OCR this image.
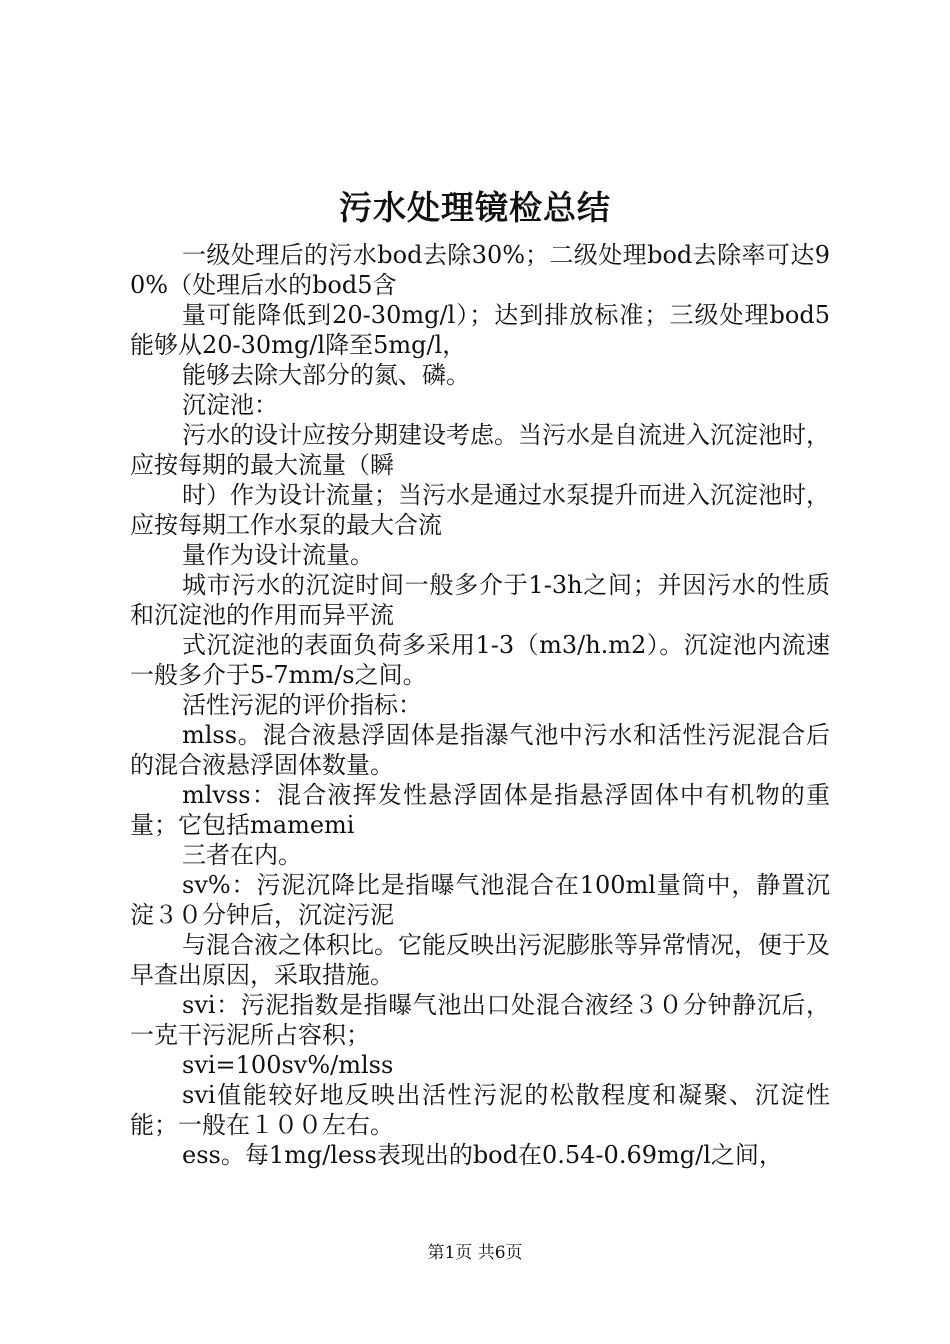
污水处理镜检总结

一级处理后的污水bod去除30%；二级处理bod去除率可达90%（处理后水的bod5含

量可能降低到20-30mg/l）；达到排放标准；三级处理bod5能够从20-30mg/l降至5mg/l，

能够去除大部分的氮、磷。

沉淀池：

污水的设计应按分期建设考虑。当污水是自流进入沉淀池时，应按每期的最大流量（瞬

时）作为设计流量；当污水是通过水泵提升而进入沉淀池时，应按每期工作水泵的最大合流

量作为设计流量。

城市污水的沉淀时间一般多介于1-3h之间；并因污水的性质和沉淀池的作用而异平流

式沉淀池的表面负荷多采用1-3（m3/h.m2）。沉淀池内流速一般多介于5-7mm/s之间。

活性污泥的评价指标：

mlss。混合液悬浮固体是指瀑气池中污水和活性污泥混合后的混合液悬浮固体数量。

mlvss：混合液挥发性悬浮固体是指悬浮固体中有机物的重量；它包括mamemi

三者在内。

sv%：污泥沉降比是指曝气池混合在100ml量筒中，静置沉淀３０分钟后，沉淀污泥

与混合液之体积比。它能反映出污泥膨胀等异常情况，便于及早查出原因，采取措施。

svi：污泥指数是指曝气池出口处混合液经３０分钟静沉后，一克干污泥所占容积；

svi=100sv%/mlss

svi值能较好地反映出活性污泥的松散程度和凝聚、沉淀性能；一般在１００左右。

ess。每1mg/less表现出的bod在0.54-0.69mg/l之间，

第1页 共6页
